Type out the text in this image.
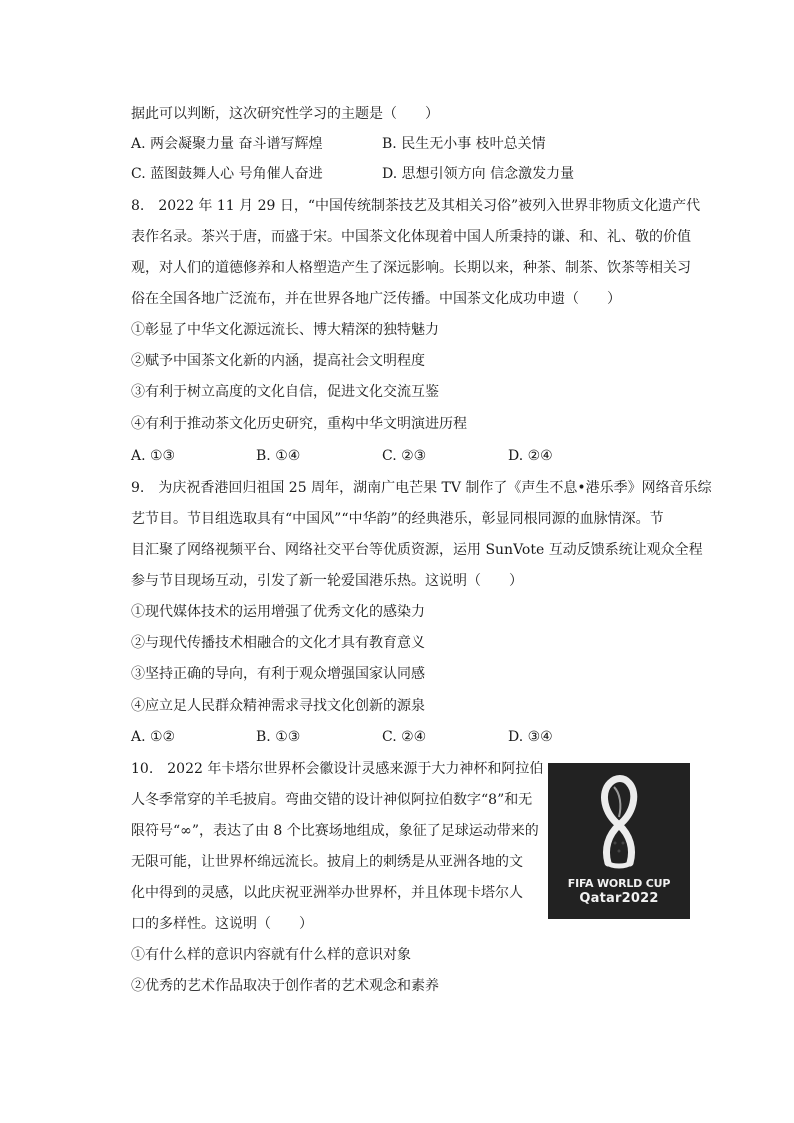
据此可以判断，这次研究性学习的主题是（　　）
A. 两会凝聚力量 奋斗谱写辉煌	B. 民生无小事 枝叶总关情
C. 蓝图鼓舞人心 号角催人奋进	D. 思想引领方向 信念激发力量
8.　2022 年 11 月 29 日，“中国传统制茶技艺及其相关习俗”被列入世界非物质文化遗产代
表作名录。茶兴于唐，而盛于宋。中国茶文化体现着中国人所秉持的谦、和、礼、敬的价值
观，对人们的道德修养和人格塑造产生了深远影响。长期以来，种茶、制茶、饮茶等相关习
俗在全国各地广泛流布，并在世界各地广泛传播。中国茶文化成功申遗（　　）
①彰显了中华文化源远流长、博大精深的独特魅力
②赋予中国茶文化新的内涵，提高社会文明程度
③有利于树立高度的文化自信，促进文化交流互鉴
④有利于推动茶文化历史研究，重构中华文明演进历程
A. ①③	B. ①④	C. ②③	D. ②④
9.　为庆祝香港回归祖国 25 周年，湖南广电芒果 TV 制作了《声生不息•港乐季》网络音乐综
艺节目。节目组选取具有“中国风”“中华韵”的经典港乐，彰显同根同源的血脉情深。节
目汇聚了网络视频平台、网络社交平台等优质资源，运用 SunVote 互动反馈系统让观众全程
参与节目现场互动，引发了新一轮爱国港乐热。这说明（　　）
①现代媒体技术的运用增强了优秀文化的感染力
②与现代传播技术相融合的文化才具有教育意义
③坚持正确的导向，有利于观众增强国家认同感
④应立足人民群众精神需求寻找文化创新的源泉
A. ①②	B. ①③	C. ②④	D. ③④
10.　2022 年卡塔尔世界杯会徽设计灵感来源于大力神杯和阿拉伯
人冬季常穿的羊毛披肩。弯曲交错的设计神似阿拉伯数字“8”和无
限符号“∞”，表达了由 8 个比赛场地组成，象征了足球运动带来的
无限可能，让世界杯绵远流长。披肩上的刺绣是从亚洲各地的文
化中得到的灵感，以此庆祝亚洲举办世界杯，并且体现卡塔尔人
口的多样性。这说明（　　）
①有什么样的意识内容就有什么样的意识对象
②优秀的艺术作品取决于创作者的艺术观念和素养
FIFA WORLD CUP
Qatar2022
